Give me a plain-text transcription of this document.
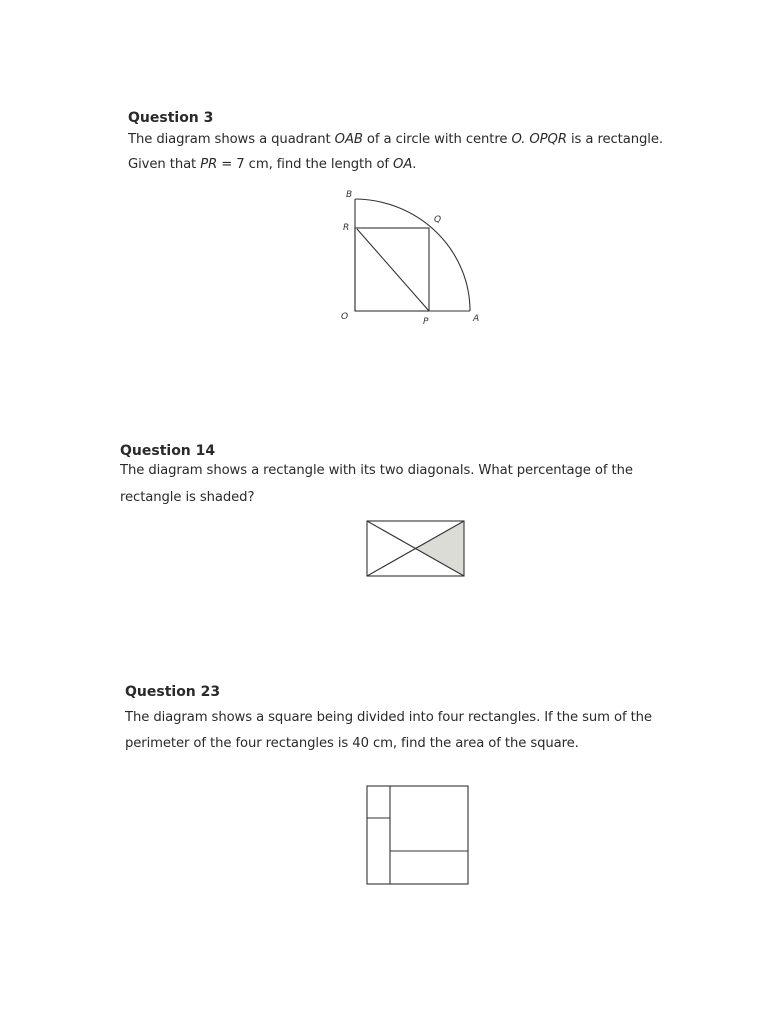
Question 3
The diagram shows a quadrant OAB of a circle with centre O. OPQR is a rectangle.
Given that PR = 7 cm, find the length of OA.
B
R
Q
O	P	A
Question 14
The diagram shows a rectangle with its two diagonals. What percentage of the
rectangle is shaded?
Question 23
The diagram shows a square being divided into four rectangles. If the sum of the
perimeter of the four rectangles is 40 cm, find the area of the square.
